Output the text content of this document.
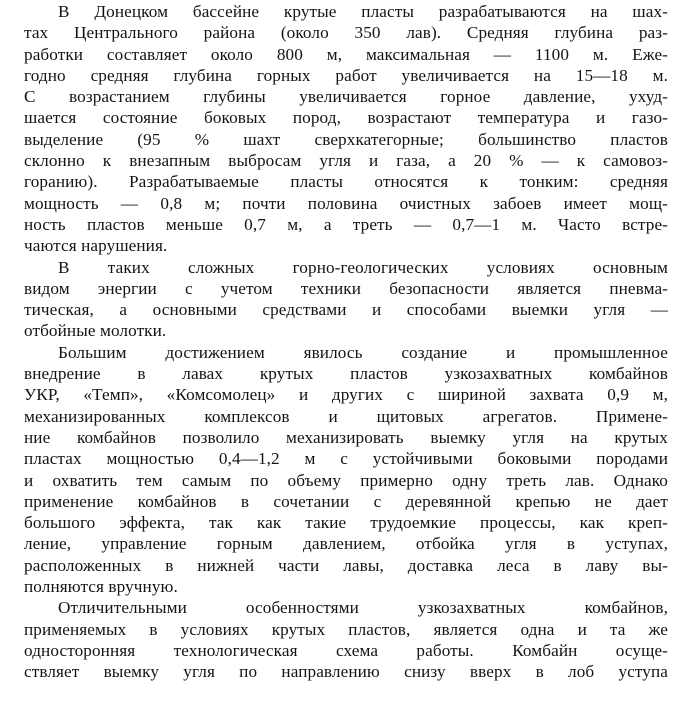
В Донецком бассейне крутые пласты разрабатываются на шах-
тах Центрального района (около 350 лав). Средняя глубина раз-
работки составляет около 800 м, максимальная — 1100 м. Еже-
годно средняя глубина горных работ увеличивается на 15—18 м.
С возрастанием глубины увеличивается горное давление, ухуд-
шается состояние боковых пород, возрастают температура и газо-
выделение (95 % шахт сверхкатегорные; большинство пластов
склонно к внезапным выбросам угля и газа, а 20 % — к самовоз-
горанию). Разрабатываемые пласты относятся к тонким: средняя
мощность — 0,8 м; почти половина очистных забоев имеет мощ-
ность пластов меньше 0,7 м, а треть — 0,7—1 м. Часто встре-
чаются нарушения.
В таких сложных горно-геологических условиях основным
видом энергии с учетом техники безопасности является пневма-
тическая, а основными средствами и способами выемки угля —
отбойные молотки.
Большим достижением явилось создание и промышленное
внедрение в лавах крутых пластов узкозахватных комбайнов
УКР, «Темп», «Комсомолец» и других с шириной захвата 0,9 м,
механизированных комплексов и щитовых агрегатов. Примене-
ние комбайнов позволило механизировать выемку угля на крутых
пластах мощностью 0,4—1,2 м с устойчивыми боковыми породами
и охватить тем самым по объему примерно одну треть лав. Однако
применение комбайнов в сочетании с деревянной крепью не дает
большого эффекта, так как такие трудоемкие процессы, как креп-
ление, управление горным давлением, отбойка угля в уступах,
расположенных в нижней части лавы, доставка леса в лаву вы-
полняются вручную.
Отличительными особенностями узкозахватных комбайнов,
применяемых в условиях крутых пластов, является одна и та же
односторонняя технологическая схема работы. Комбайн осуще-
ствляет выемку угля по направлению снизу вверх в лоб уступа
